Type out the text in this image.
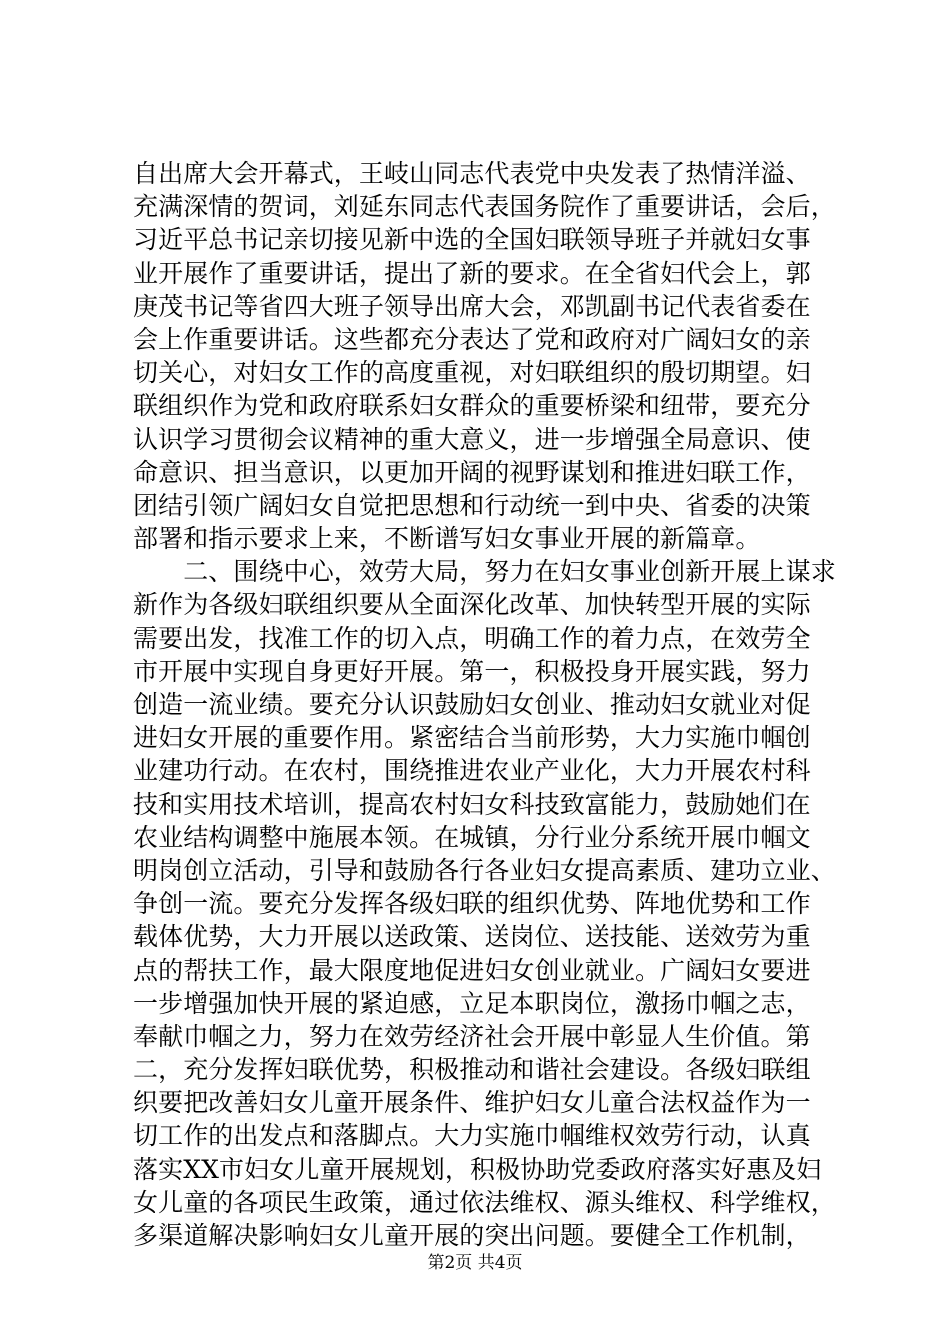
自出席大会开幕式，王岐山同志代表党中央发表了热情洋溢、
充满深情的贺词，刘延东同志代表国务院作了重要讲话，会后，
习近平总书记亲切接见新中选的全国妇联领导班子并就妇女事
业开展作了重要讲话，提出了新的要求。在全省妇代会上，郭
庚茂书记等省四大班子领导出席大会，邓凯副书记代表省委在
会上作重要讲话。这些都充分表达了党和政府对广阔妇女的亲
切关心，对妇女工作的高度重视，对妇联组织的殷切期望。妇
联组织作为党和政府联系妇女群众的重要桥梁和纽带，要充分
认识学习贯彻会议精神的重大意义，进一步增强全局意识、使
命意识、担当意识，以更加开阔的视野谋划和推进妇联工作，
团结引领广阔妇女自觉把思想和行动统一到中央、省委的决策
部署和指示要求上来，不断谱写妇女事业开展的新篇章。
　　二、围绕中心，效劳大局，努力在妇女事业创新开展上谋求
新作为各级妇联组织要从全面深化改革、加快转型开展的实际
需要出发，找准工作的切入点，明确工作的着力点，在效劳全
市开展中实现自身更好开展。第一，积极投身开展实践，努力
创造一流业绩。要充分认识鼓励妇女创业、推动妇女就业对促
进妇女开展的重要作用。紧密结合当前形势，大力实施巾帼创
业建功行动。在农村，围绕推进农业产业化，大力开展农村科
技和实用技术培训，提高农村妇女科技致富能力，鼓励她们在
农业结构调整中施展本领。在城镇，分行业分系统开展巾帼文
明岗创立活动，引导和鼓励各行各业妇女提高素质、建功立业、
争创一流。要充分发挥各级妇联的组织优势、阵地优势和工作
载体优势，大力开展以送政策、送岗位、送技能、送效劳为重
点的帮扶工作，最大限度地促进妇女创业就业。广阔妇女要进
一步增强加快开展的紧迫感，立足本职岗位，激扬巾帼之志，
奉献巾帼之力，努力在效劳经济社会开展中彰显人生价值。第
二，充分发挥妇联优势，积极推动和谐社会建设。各级妇联组
织要把改善妇女儿童开展条件、维护妇女儿童合法权益作为一
切工作的出发点和落脚点。大力实施巾帼维权效劳行动，认真
落实XX市妇女儿童开展规划，积极协助党委政府落实好惠及妇
女儿童的各项民生政策，通过依法维权、源头维权、科学维权，
多渠道解决影响妇女儿童开展的突出问题。要健全工作机制，
第2页 共4页
